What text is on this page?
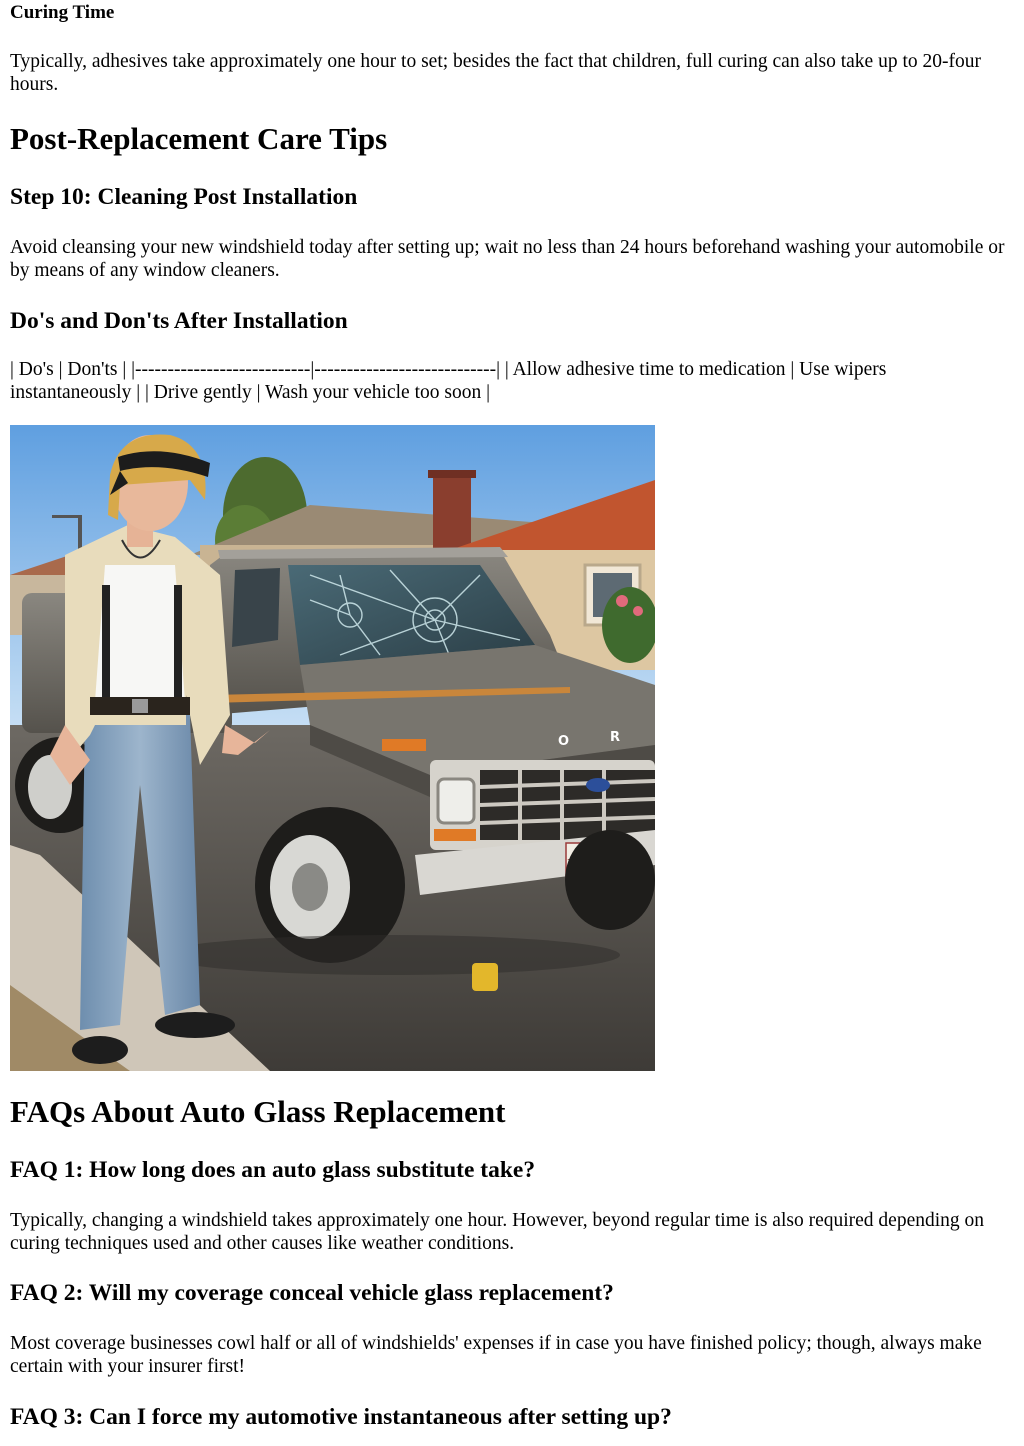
Curing Time

Typically, adhesives take approximately one hour to set; besides the fact that children, full curing can also take up to 20-four hours.

Post-Replacement Care Tips
Step 10: Cleaning Post Installation

Avoid cleansing your new windshield today after setting up; wait no less than 24 hours beforehand washing your automobile or by means of any window cleaners.

Do's and Don'ts After Installation

| Do's | Don'ts | |---------------------------|----------------------------| | Allow adhesive time to medication | Use wipers instantaneously | | Drive gently | Wash your vehicle too soon |

O	R
FAQs About Auto Glass Replacement
FAQ 1: How long does an auto glass substitute take?

Typically, changing a windshield takes approximately one hour. However, beyond regular time is also required depending on curing techniques used and other causes like weather conditions.

FAQ 2: Will my coverage conceal vehicle glass replacement?

Most coverage businesses cowl half or all of windshields' expenses if in case you have finished policy; though, always make certain with your insurer first!

FAQ 3: Can I force my automotive instantaneous after setting up?
